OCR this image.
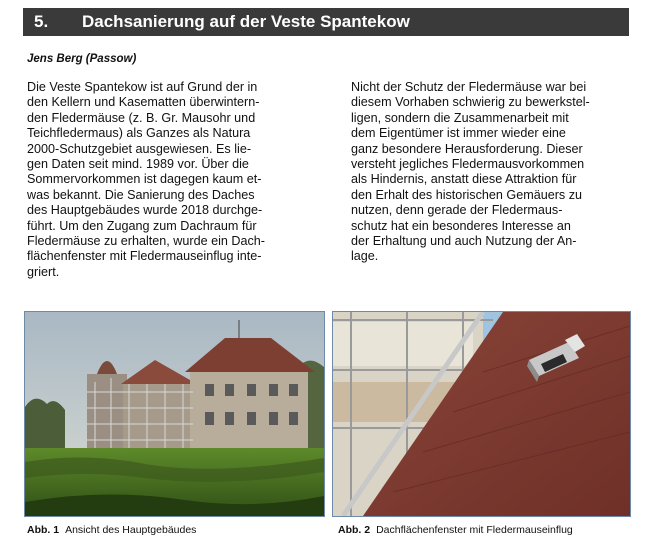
5. Dachsanierung auf der Veste Spantekow
Jens Berg (Passow)
Die Veste Spantekow ist auf Grund der in
den Kellern und Kasematten überwintern-
den Fledermäuse (z. B. Gr. Mausohr und
Teichfledermaus) als Ganzes als Natura
2000-Schutzgebiet ausgewiesen. Es lie-
gen Daten seit mind. 1989 vor. Über die
Sommervorkommen ist dagegen kaum et-
was bekannt. Die Sanierung des Daches
des Hauptgebäudes wurde 2018 durchge-
führt. Um den Zugang zum Dachraum für
Fledermäuse zu erhalten, wurde ein Dach-
flächenfenster mit Fledermauseinflug inte-
griert.
Nicht der Schutz der Fledermäuse war bei
diesem Vorhaben schwierig zu bewerkstel-
ligen, sondern die Zusammenarbeit mit
dem Eigentümer ist immer wieder eine
ganz besondere Herausforderung. Dieser
versteht jegliches Fledermausvorkommen
als Hindernis, anstatt diese Attraktion für
den Erhalt des historischen Gemäuers zu
nutzen, denn gerade der Fledermaus-
schutz hat ein besonderes Interesse an
der Erhaltung und auch Nutzung der An-
lage.
Abb. 1 Ansicht des Hauptgebäudes	Abb. 2 Dachflächenfenster mit Fledermauseinflug
